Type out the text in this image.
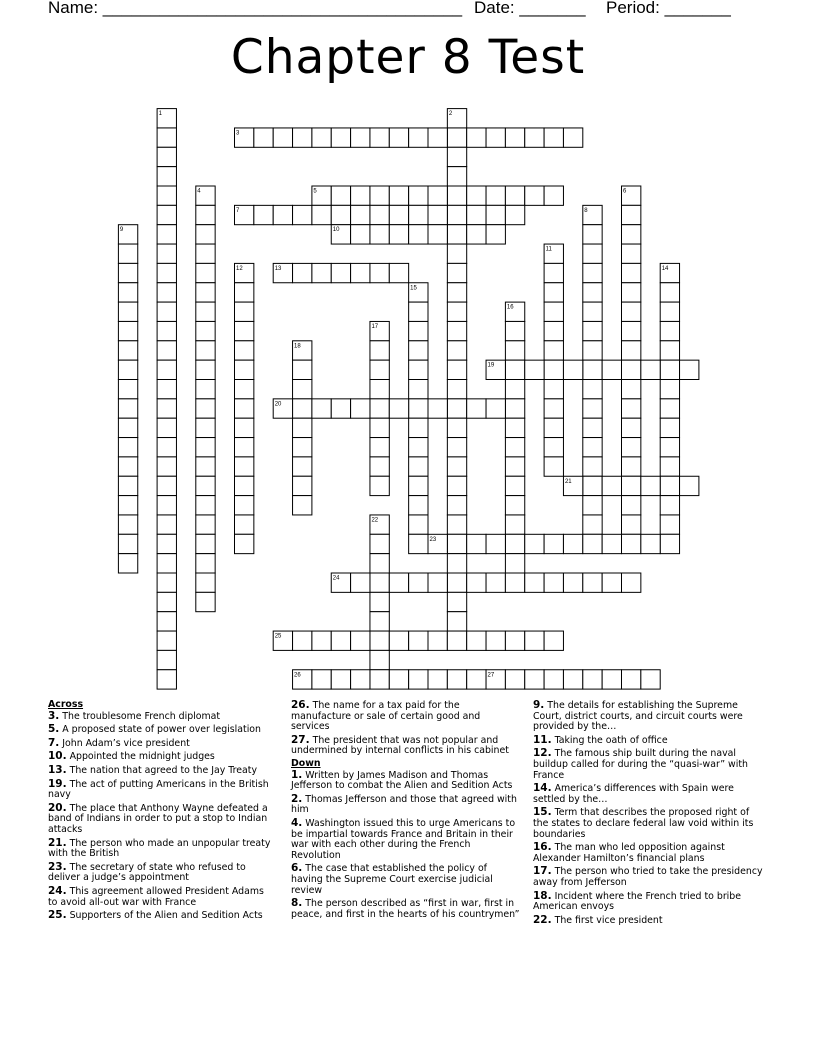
Name: ______________________________________ Date: _______ Period: _______
Chapter 8 Test
1	2
3
4	5	6
7	8
9	10
11
12	13	14
15
16
17
18
19
20
21
22
23
24
25
26	27
Across
3. The troublesome French diplomat
5. A proposed state of power over legislation
7. John Adam’s vice president
10. Appointed the midnight judges
13. The nation that agreed to the Jay Treaty
19. The act of putting Americans in the British navy
20. The place that Anthony Wayne defeated a band of Indians in order to put a stop to Indian attacks
21. The person who made an unpopular treaty with the British
23. The secretary of state who refused to deliver a judge’s appointment
24. This agreement allowed President Adams to avoid all-out war with France
25. Supporters of the Alien and Sedition Acts
26. The name for a tax paid for the manufacture or sale of certain good and services
27. The president that was not popular and undermined by internal conflicts in his cabinet
Down
1. Written by James Madison and Thomas Jefferson to combat the Alien and Sedition Acts
2. Thomas Jefferson and those that agreed with him
4. Washington issued this to urge Americans to be impartial towards France and Britain in their war with each other during the French Revolution
6. The case that established the policy of having the Supreme Court exercise judicial review
8. The person described as “first in war, first in peace, and first in the hearts of his countrymen”
9. The details for establishing the Supreme Court, district courts, and circuit courts were provided by the…
11. Taking the oath of office
12. The famous ship built during the naval buildup called for during the “quasi-war” with France
14. America’s differences with Spain were settled by the…
15. Term that describes the proposed right of the states to declare federal law void within its boundaries
16. The man who led opposition against Alexander Hamilton’s financial plans
17. The person who tried to take the presidency away from Jefferson
18. Incident where the French tried to bribe American envoys
22. The first vice president
